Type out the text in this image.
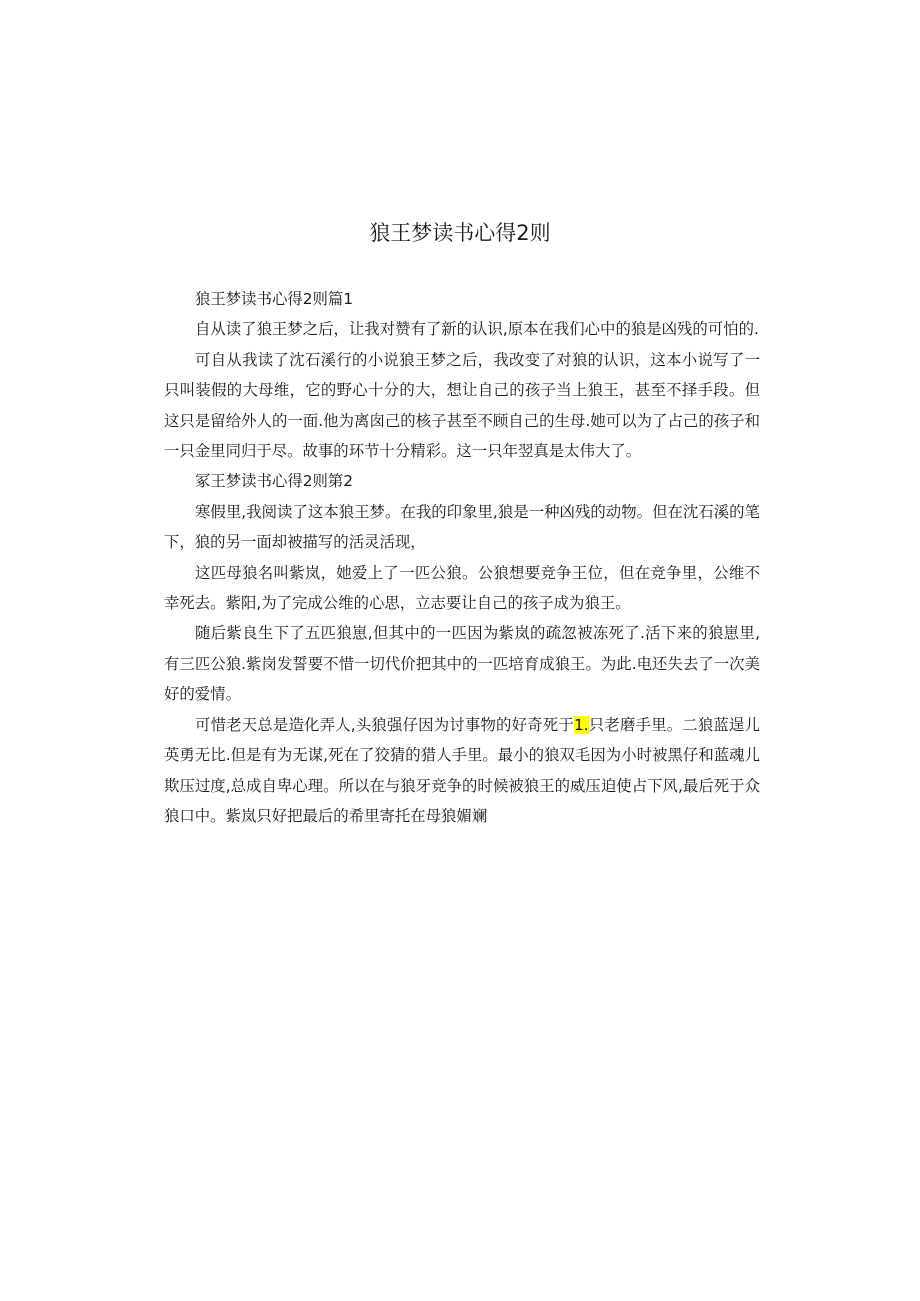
狼王梦读书心得2则

狼王梦读书心得2则篇1

自从读了狼王梦之后，让我对赞有了新的认识,原本在我们心中的狼是凶残的可怕的.

可自从我读了沈石溪行的小说狼王梦之后，我改变了对狼的认识，这本小说写了一只叫装假的大母维，它的野心十分的大，想让自己的孩子当上狼王，甚至不择手段。但这只是留给外人的一面.他为离囱己的核子甚至不顾自己的生母.她可以为了占己的孩子和一只金里同归于尽。故事的环节十分精彩。这一只年翌真是太伟大了。

冢王梦读书心得2则第2

寒假里,我阅读了这本狼王梦。在我的印象里,狼是一种凶残的动物。但在沈石溪的笔下，狼的另一面却被描写的活灵活现，

这匹母狼名叫紫岚，她爱上了一匹公狼。公狼想要竞争王位，但在竞争里，公维不幸死去。紫阳,为了完成公维的心思，立志要让自己的孩子成为狼王。

随后紫良生下了五匹狼崽,但其中的一匹因为紫岚的疏忽被冻死了.活下来的狼崽里,有三匹公狼.紫岗发誓要不惜一切代价把其中的一匹培育成狼王。为此.电还失去了一次美好的爱情。

可惜老天总是造化弄人,头狼强仔因为讨事物的好奇死于1.只老磨手里。二狼蓝逞儿英勇无比.但是有为无谋,死在了狡猜的猎人手里。最小的狼双毛因为小时被黑仔和蓝魂儿欺压过度,总成自卑心理。所以在与狼牙竞争的时候被狼王的威压迫使占下风,最后死于众狼口中。紫岚只好把最后的希里寄托在母狼媚斓
